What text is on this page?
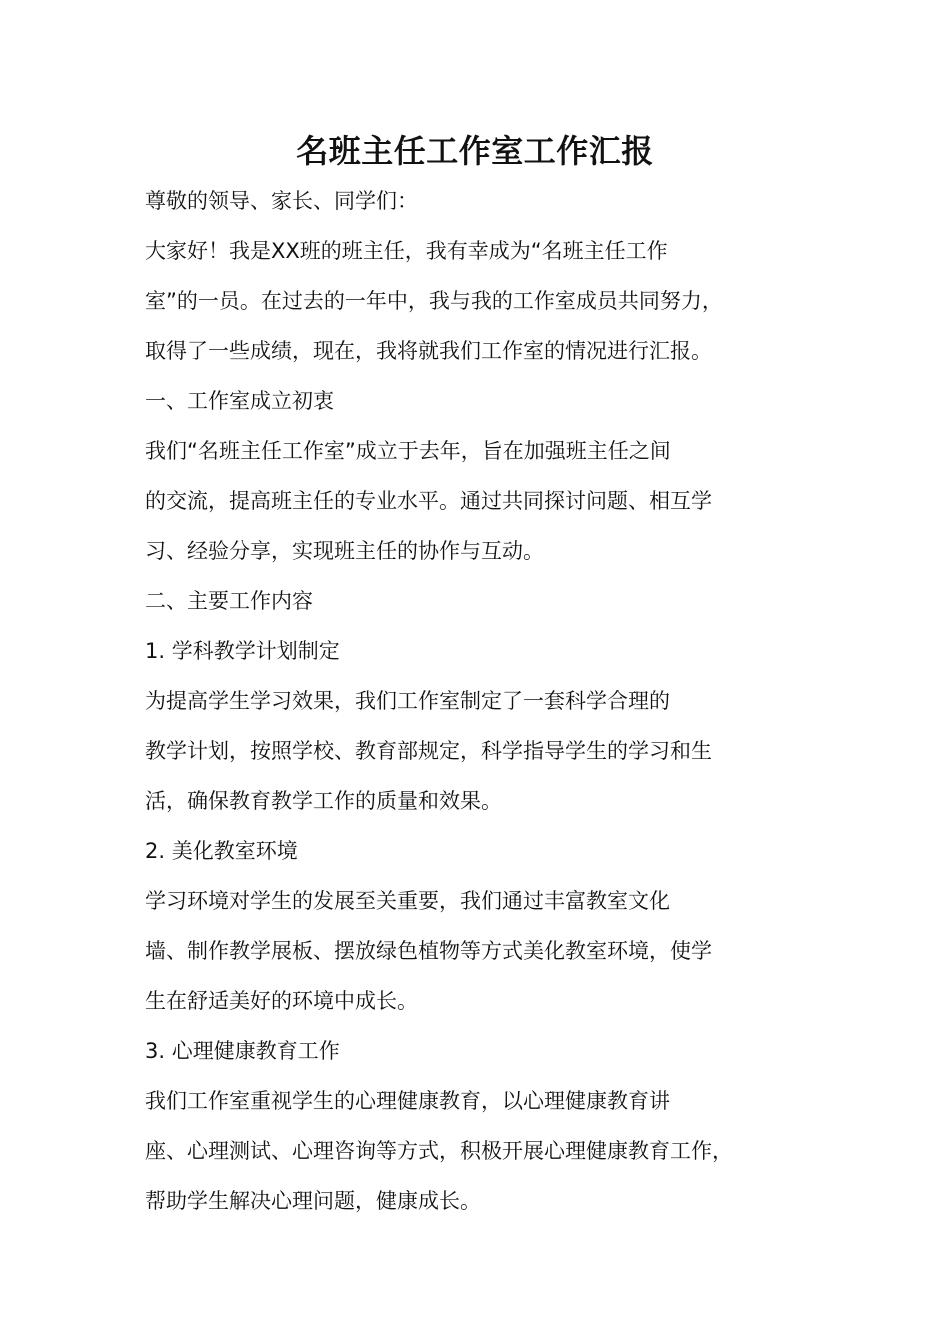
名班主任工作室工作汇报

尊敬的领导、家长、同学们：

大家好！我是XX班的班主任，我有幸成为“名班主任工作

室”的一员。在过去的一年中，我与我的工作室成员共同努力，

取得了一些成绩，现在，我将就我们工作室的情况进行汇报。

一、工作室成立初衷

我们“名班主任工作室”成立于去年，旨在加强班主任之间

的交流，提高班主任的专业水平。通过共同探讨问题、相互学

习、经验分享，实现班主任的协作与互动。

二、主要工作内容

1. 学科教学计划制定

为提高学生学习效果，我们工作室制定了一套科学合理的

教学计划，按照学校、教育部规定，科学指导学生的学习和生

活，确保教育教学工作的质量和效果。

2. 美化教室环境

学习环境对学生的发展至关重要，我们通过丰富教室文化

墙、制作教学展板、摆放绿色植物等方式美化教室环境，使学

生在舒适美好的环境中成长。

3. 心理健康教育工作

我们工作室重视学生的心理健康教育，以心理健康教育讲

座、心理测试、心理咨询等方式，积极开展心理健康教育工作，

帮助学生解决心理问题，健康成长。
